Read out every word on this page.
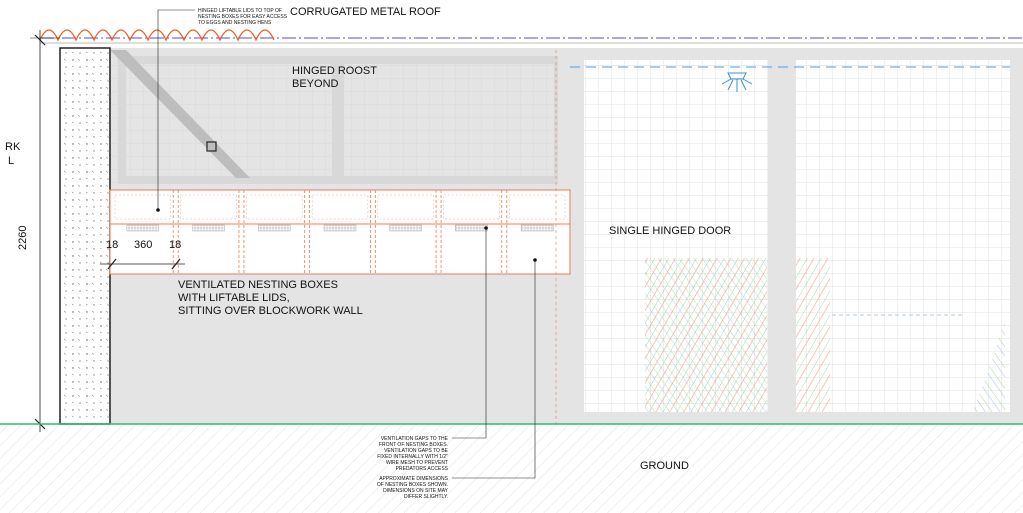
2260
RK
L
18 360 18
CORRUGATED METAL ROOF
HINGED ROOST
BEYOND
SINGLE HINGED DOOR
VENTILATED NESTING BOXES
WITH LIFTABLE LIDS,
SITTING OVER BLOCKWORK WALL
GROUND
HINGED LIFTABLE LIDS TO TOP OF
NESTING BOXES FOR EASY ACCESS
TO EGGS AND NESTING HENS
VENTILATION GAPS TO THE
FRONT OF NESTING BOXES.
VENTILATION GAPS TO BE
FIXED INTERNALLY WITH 1/2"
WIRE MESH TO PREVENT
PREDATORS ACCESS
APPROXIMATE DIMENSIONS
OF NESTING BOXES SHOWN.
DIMENSIONS ON SITE MAY
DIFFER SLIGHTLY.
